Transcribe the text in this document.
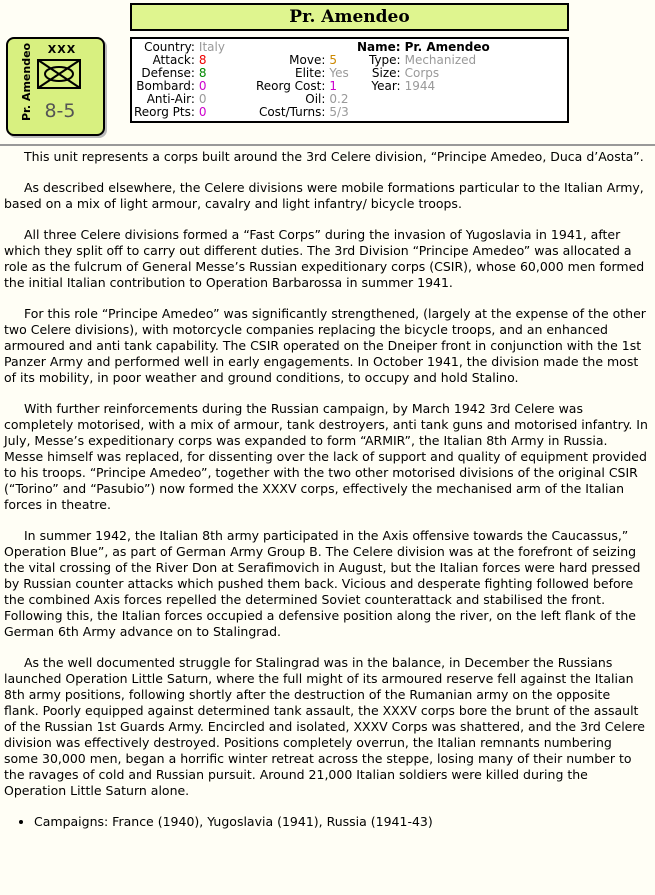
Pr. Amendeo
Pr. Amendeo	XXX
8-5
Country:	Italy
Attack:	8
Defense:	8
Bombard:	0
Anti-Air:	0
Reorg Pts:	0
Move:	5
Elite:	Yes
Reorg Cost:	1
Oil:	0.2
Cost/Turns:	5/3
Name:	Pr. Amendeo
Type:	Mechanized
Size:	Corps
Year:	1944

This unit represents a corps built around the 3rd Celere division, “Principe Amedeo, Duca d’Aosta”.

As described elsewhere, the Celere divisions were mobile formations particular to the Italian Army, based on a mix of light armour, cavalry and light infantry/ bicycle troops.

All three Celere divisions formed a “Fast Corps” during the invasion of Yugoslavia in 1941, after which they split off to carry out different duties. The 3rd Division “Principe Amedeo” was allocated a role as the fulcrum of General Messe’s Russian expeditionary corps (CSIR), whose 60,000 men formed the initial Italian contribution to Operation Barbarossa in summer 1941.

For this role “Principe Amedeo” was significantly strengthened, (largely at the expense of the other two Celere divisions), with motorcycle companies replacing the bicycle troops, and an enhanced armoured and anti tank capability. The CSIR operated on the Dneiper front in conjunction with the 1st Panzer Army and performed well in early engagements. In October 1941, the division made the most of its mobility, in poor weather and ground conditions, to occupy and hold Stalino.

With further reinforcements during the Russian campaign, by March 1942 3rd Celere was completely motorised, with a mix of armour, tank destroyers, anti tank guns and motorised infantry. In July, Messe’s expeditionary corps was expanded to form “ARMIR”, the Italian 8th Army in Russia. Messe himself was replaced, for dissenting over the lack of support and quality of equipment provided to his troops. “Principe Amedeo”, together with the two other motorised divisions of the original CSIR (“Torino” and “Pasubio”) now formed the XXXV corps, effectively the mechanised arm of the Italian forces in theatre.

In summer 1942, the Italian 8th army participated in the Axis offensive towards the Caucassus,” Operation Blue”, as part of German Army Group B. The Celere division was at the forefront of seizing the vital crossing of the River Don at Serafimovich in August, but the Italian forces were hard pressed by Russian counter attacks which pushed them back. Vicious and desperate fighting followed before the combined Axis forces repelled the determined Soviet counterattack and stabilised the front. Following this, the Italian forces occupied a defensive position along the river, on the left flank of the German 6th Army advance on to Stalingrad.

As the well documented struggle for Stalingrad was in the balance, in December the Russians launched Operation Little Saturn, where the full might of its armoured reserve fell against the Italian 8th army positions, following shortly after the destruction of the Rumanian army on the opposite flank. Poorly equipped against determined tank assault, the XXXV corps bore the brunt of the assault of the Russian 1st Guards Army. Encircled and isolated, XXXV Corps was shattered, and the 3rd Celere division was effectively destroyed. Positions completely overrun, the Italian remnants numbering some 30,000 men, began a horrific winter retreat across the steppe, losing many of their number to the ravages of cold and Russian pursuit. Around 21,000 Italian soldiers were killed during the Operation Little Saturn alone.

• Campaigns: France (1940), Yugoslavia (1941), Russia (1941-43)
